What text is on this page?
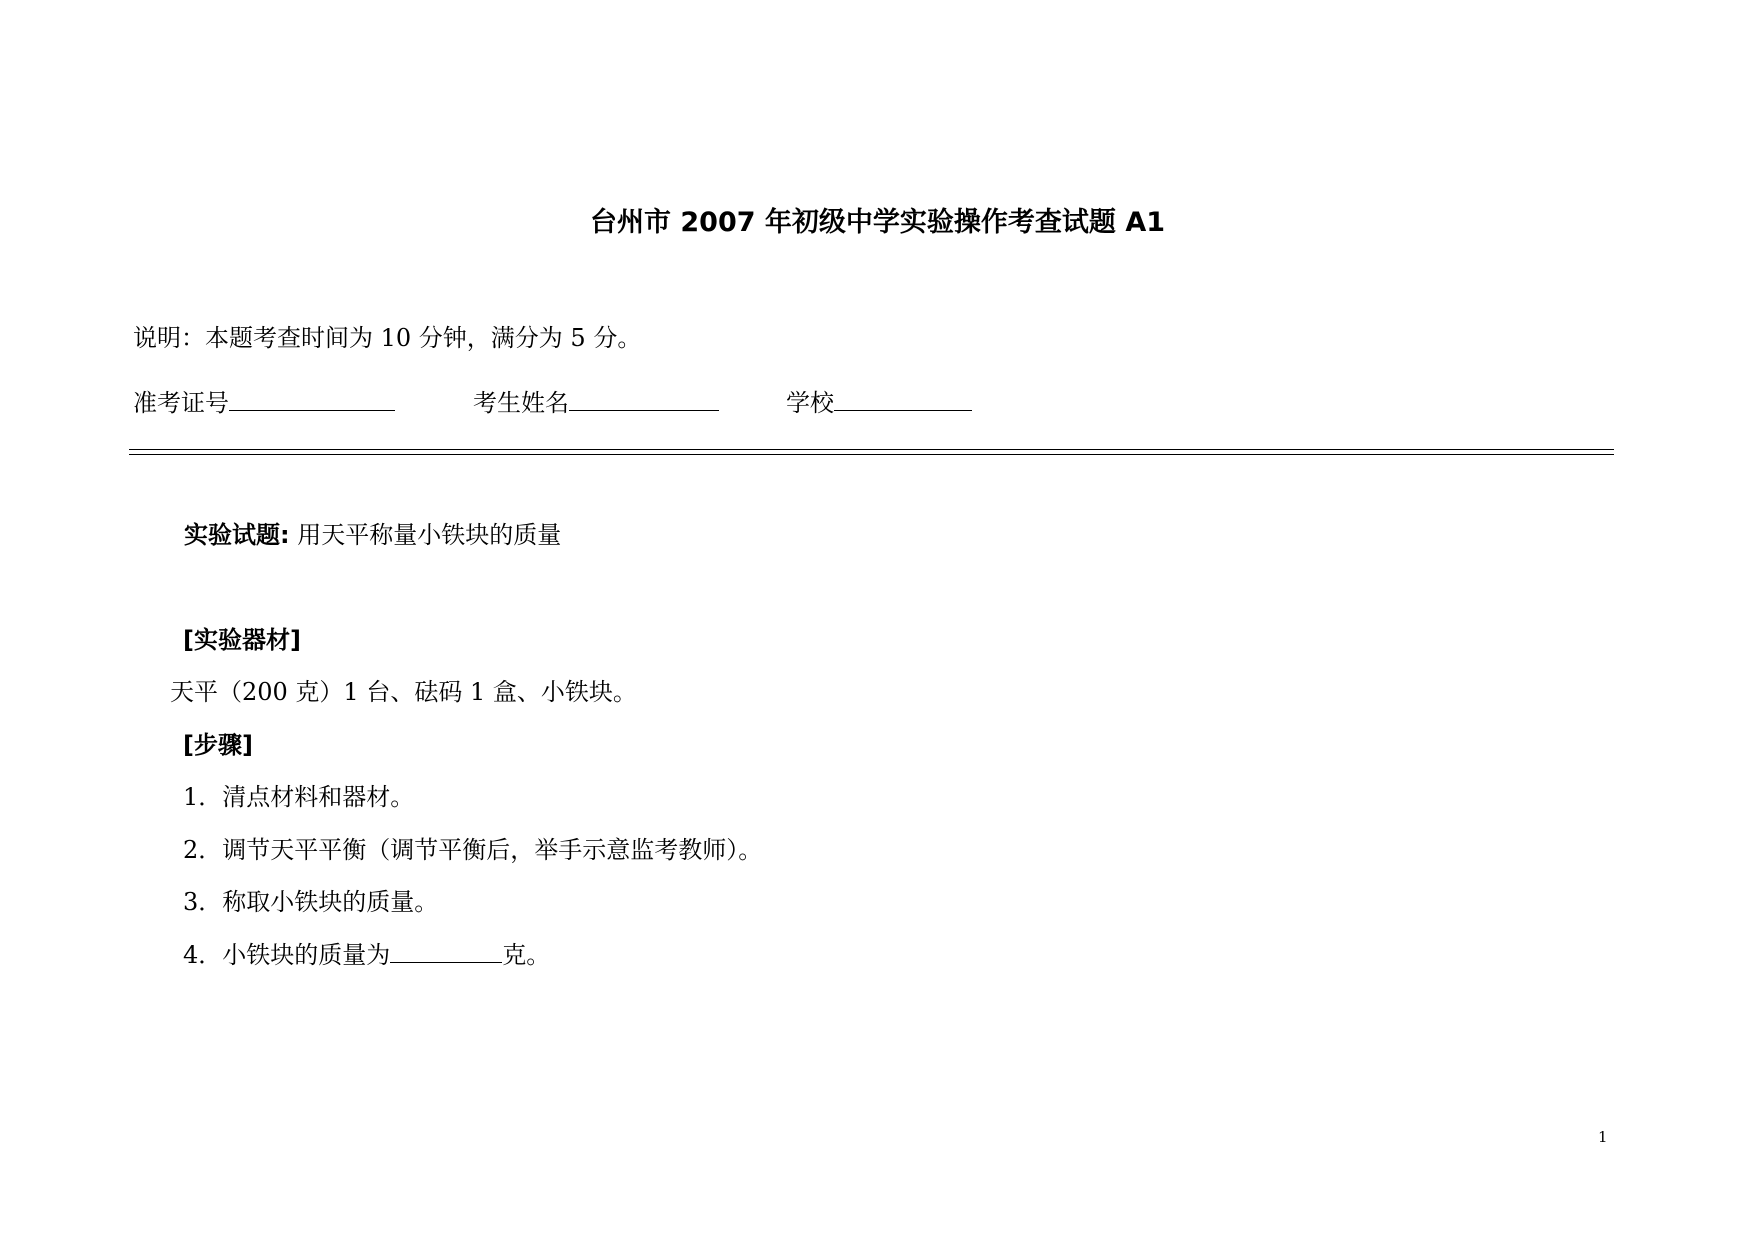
台州市 2007 年初级中学实验操作考查试题 A1
说明：本题考查时间为 10 分钟，满分为 5 分。
准考证号	考生姓名	学校
实验试题: 用天平称量小铁块的质量
[实验器材]
天平（200 克）1 台、砝码 1 盒、小铁块。
[步骤]
1．清点材料和器材。
2．调节天平平衡（调节平衡后，举手示意监考教师）。
3．称取小铁块的质量。
4．小铁块的质量为	克。
1
